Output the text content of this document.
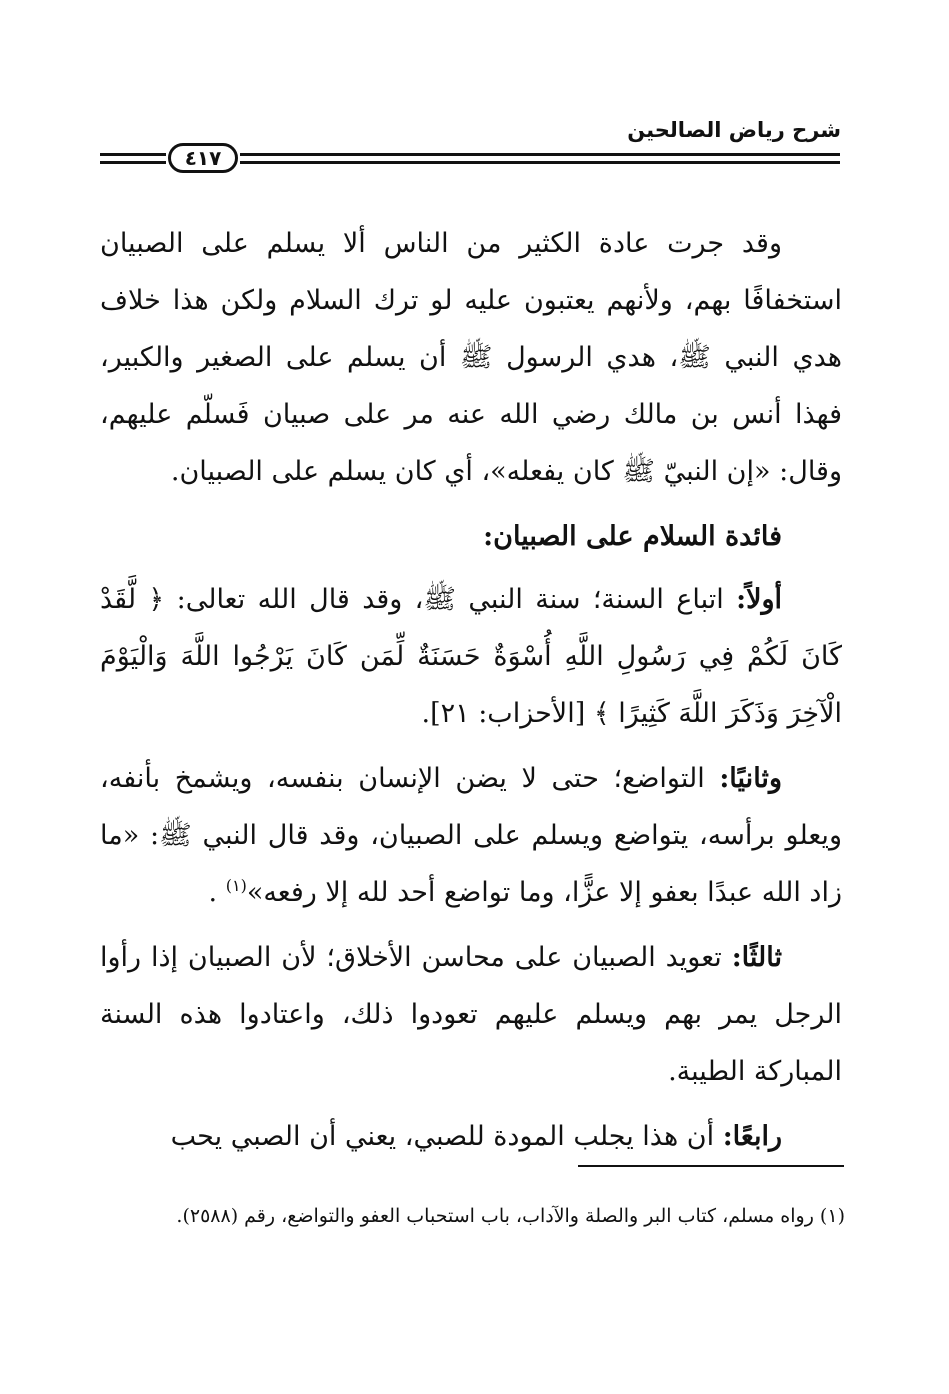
شرح رياض الصالحين
٤١٧

وقد جرت عادة الكثير من الناس ألا يسلم على الصبيان استخفافًا بهم، ولأنهم يعتبون عليه لو ترك السلام ولكن هذا خلاف هدي النبي ﷺ، هدي الرسول ﷺ أن يسلم على الصغير والكبير، فهذا أنس بن مالك رضي الله عنه مر على صبيان فَسلّم عليهم، وقال: «إن النبيّ ﷺ كان يفعله»، أي كان يسلم على الصبيان.

فائدة السلام على الصبيان:

أولاً: اتباع السنة؛ سنة النبي ﷺ، وقد قال الله تعالى: ﴿ لَّقَدْ كَانَ لَكُمْ فِي رَسُولِ اللَّهِ أُسْوَةٌ حَسَنَةٌ لِّمَن كَانَ يَرْجُوا اللَّهَ وَالْيَوْمَ الْآخِرَ وَذَكَرَ اللَّهَ كَثِيرًا ﴾ [الأحزاب: ٢١].

وثانيًا: التواضع؛ حتى لا يضن الإنسان بنفسه، ويشمخ بأنفه، ويعلو برأسه، يتواضع ويسلم على الصبيان، وقد قال النبي ﷺ: «ما زاد الله عبدًا بعفو إلا عزًّا، وما تواضع أحد لله إلا رفعه»$^{(١)}$ .

ثالثًا: تعويد الصبيان على محاسن الأخلاق؛ لأن الصبيان إذا رأوا الرجل يمر بهم ويسلم عليهم تعودوا ذلك، واعتادوا هذه السنة المباركة الطيبة.

رابعًا: أن هذا يجلب المودة للصبي، يعني أن الصبي يحب

(١) رواه مسلم، كتاب البر والصلة والآداب، باب استحباب العفو والتواضع، رقم (٢٥٨٨).
